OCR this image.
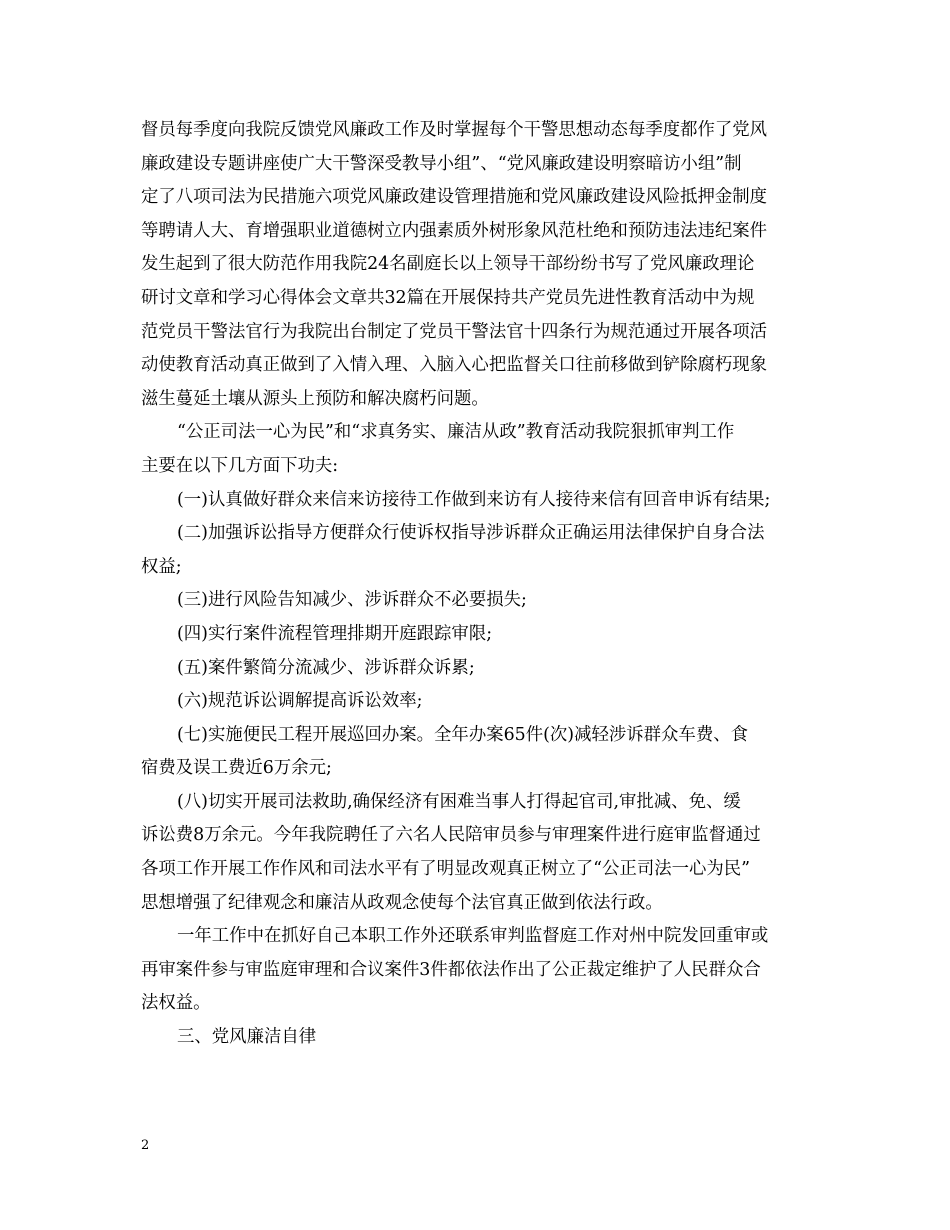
督员每季度向我院反馈党风廉政工作及时掌握每个干警思想动态每季度都作了党风
廉政建设专题讲座使广大干警深受教导小组”、“党风廉政建设明察暗访小组”制
定了八项司法为民措施六项党风廉政建设管理措施和党风廉政建设风险抵押金制度
等聘请人大、育增强职业道德树立内强素质外树形象风范杜绝和预防违法违纪案件
发生起到了很大防范作用我院24名副庭长以上领导干部纷纷书写了党风廉政理论
研讨文章和学习心得体会文章共32篇在开展保持共产党员先进性教育活动中为规
范党员干警法官行为我院出台制定了党员干警法官十四条行为规范通过开展各项活
动使教育活动真正做到了入情入理、入脑入心把监督关口往前移做到铲除腐朽现象
滋生蔓延土壤从源头上预防和解决腐朽问题。
“公正司法一心为民”和“求真务实、廉洁从政”教育活动我院狠抓审判工作
主要在以下几方面下功夫:
(一)认真做好群众来信来访接待工作做到来访有人接待来信有回音申诉有结果;
(二)加强诉讼指导方便群众行使诉权指导涉诉群众正确运用法律保护自身合法
权益;
(三)进行风险告知减少、涉诉群众不必要损失;
(四)实行案件流程管理排期开庭跟踪审限;
(五)案件繁简分流减少、涉诉群众诉累;
(六)规范诉讼调解提高诉讼效率;
(七)实施便民工程开展巡回办案。全年办案65件(次)减轻涉诉群众车费、食
宿费及误工费近6万余元;
(八)切实开展司法救助,确保经济有困难当事人打得起官司,审批减、免、缓
诉讼费8万余元。今年我院聘任了六名人民陪审员参与审理案件进行庭审监督通过
各项工作开展工作作风和司法水平有了明显改观真正树立了“公正司法一心为民”
思想增强了纪律观念和廉洁从政观念使每个法官真正做到依法行政。
一年工作中在抓好自己本职工作外还联系审判监督庭工作对州中院发回重审或
再审案件参与审监庭审理和合议案件3件都依法作出了公正裁定维护了人民群众合
法权益。
三、党风廉洁自律
2
